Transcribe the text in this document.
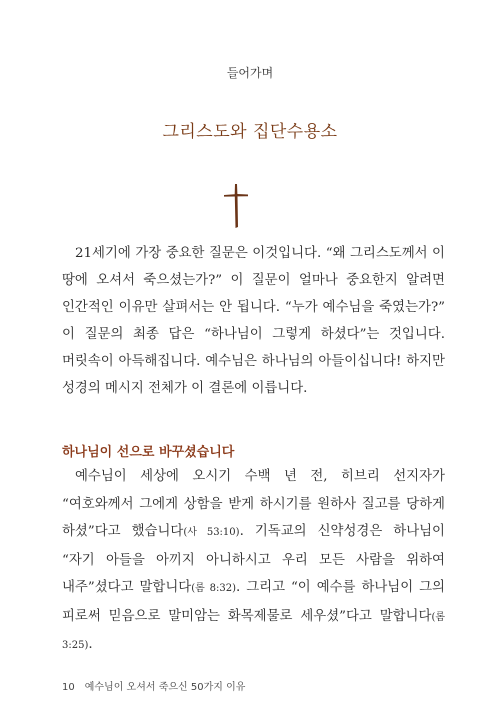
들어가며
그리스도와 집단수용소

21세기에 가장 중요한 질문은 이것입니다. “왜 그리스도께서 이 땅에 오셔서 죽으셨는가?” 이 질문이 얼마나 중요한지 알려면 인간적인 이유만 살펴서는 안 됩니다. “누가 예수님을 죽였는가?” 이 질문의 최종 답은 “하나님이 그렇게 하셨다”는 것입니다. 머릿속이 아득해집니다. 예수님은 하나님의 아들이십니다! 하지만 성경의 메시지 전체가 이 결론에 이릅니다.

하나님이 선으로 바꾸셨습니다

예수님이 세상에 오시기 수백 년 전, 히브리 선지자가 “여호와께서 그에게 상함을 받게 하시기를 원하사 질고를 당하게 하셨”다고 했습니다(사 53:10). 기독교의 신약성경은 하나님이 “자기 아들을 아끼지 아니하시고 우리 모든 사람을 위하여 내주”셨다고 말합니다(롬 8:32). 그리고 “이 예수를 하나님이 그의 피로써 믿음으로 말미암는 화목제물로 세우셨”다고 말합니다(롬 3:25).

10 예수님이 오셔서 죽으신 50가지 이유
